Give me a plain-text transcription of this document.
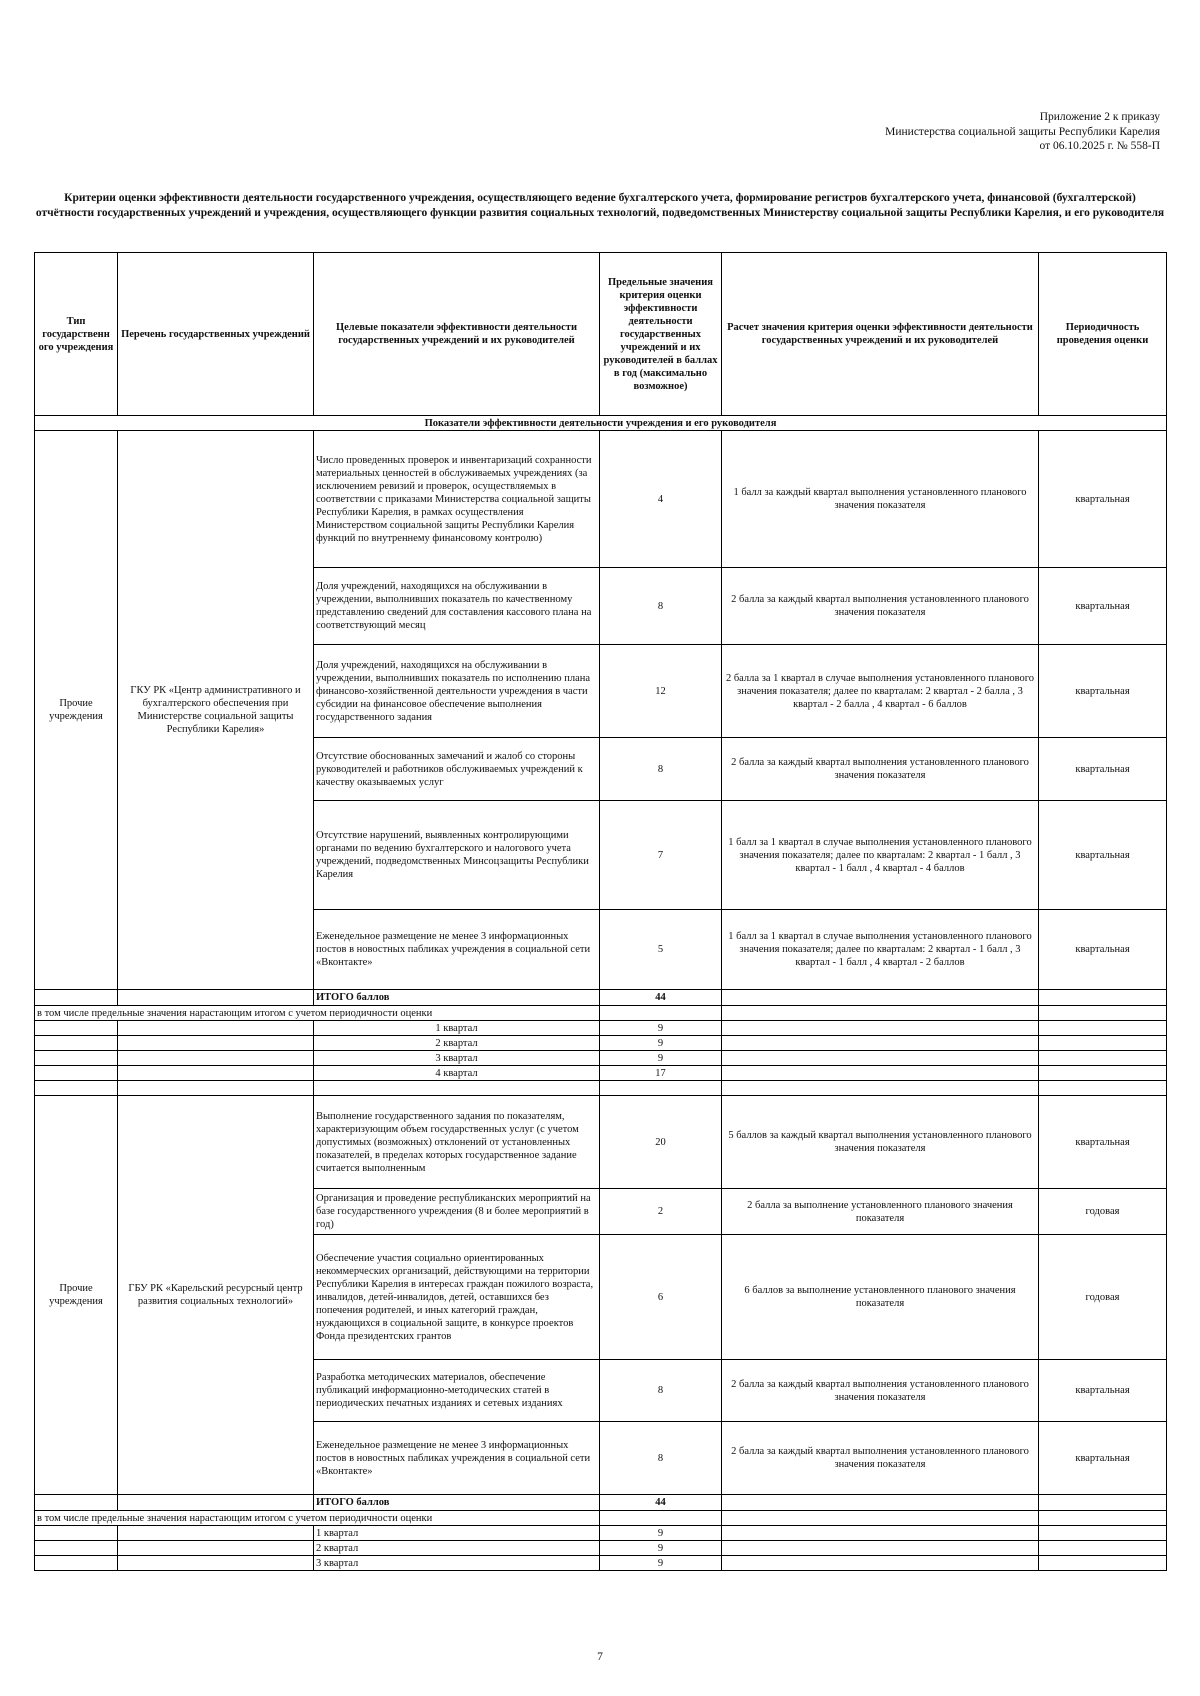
Приложение 2 к приказу
Министерства социальной защиты Республики Карелия
от 06.10.2025 г. № 558-П
Критерии оценки эффективности деятельности государственного учреждения, осуществляющего ведение бухгалтерского учета, формирование регистров бухгалтерского учета, финансовой (бухгалтерской) отчётности государственных учреждений и учреждения, осуществляющего функции развития социальных технологий, подведомственных Министерству социальной защиты Республики Карелия, и его руководителя
Тип государственн ого учреждения	Перечень государственных учреждений	Целевые показатели эффективности деятельности государственных учреждений и их руководителей	Предельные значения критерия оценки эффективности деятельности государственных учреждений и их руководителей в баллах в год (максимально возможное)	Расчет значения критерия оценки эффективности деятельности государственных учреждений и их руководителей	Периодичность проведения оценки
Показатели эффективности деятельности учреждения и его руководителя					
Прочие учреждения	ГКУ РК «Центр административного и бухгалтерского обеспечения при Министерстве социальной защиты Республики Карелия»	Число проведенных проверок и инвентаризаций сохранности материальных ценностей в обслуживаемых учреждениях (за исключением ревизий и проверок, осуществляемых в соответствии с приказами Министерства социальной защиты Республики Карелия, в рамках осуществления Министерством социальной защиты Республики Карелия функций по внутреннему финансовому контролю)	4	1 балл за каждый квартал выполнения установленного планового значения показателя	квартальная
		Доля учреждений, находящихся на обслуживании в учреждении, выполнивших показатель по качественному представлению сведений для составления кассового плана на соответствующий месяц	8	2 балла за каждый квартал выполнения установленного планового значения показателя	квартальная
		Доля учреждений, находящихся на обслуживании в учреждении, выполнивших показатель по исполнению плана финансово-хозяйственной деятельности учреждения в части субсидии на финансовое обеспечение выполнения государственного задания	12	2 балла за 1 квартал в случае выполнения установленного планового значения показателя; далее по кварталам: 2 квартал - 2 балла , 3 квартал - 2 балла , 4 квартал - 6 баллов	квартальная
		Отсутствие обоснованных замечаний и жалоб со стороны руководителей и работников обслуживаемых учреждений к качеству оказываемых услуг	8	2 балла за каждый квартал выполнения установленного планового значения показателя	квартальная
		Отсутствие нарушений, выявленных контролирующими органами по ведению бухгалтерского и налогового учета учреждений, подведомственных Минсоцзащиты Республики Карелия	7	1 балл за 1 квартал в случае выполнения установленного планового значения показателя; далее по кварталам: 2 квартал - 1 балл , 3 квартал - 1 балл , 4 квартал - 4 баллов	квартальная
		Еженедельное размещение не менее 3 информационных постов в новостных пабликах учреждения в социальной сети «Вконтакте»	5	1 балл за 1 квартал в случае выполнения установленного планового значения показателя; далее по кварталам: 2 квартал - 1 балл , 3 квартал - 1 балл , 4 квартал - 2 баллов	квартальная
		ИТОГО баллов	44		
в том числе предельные значения нарастающим итогом с учетом периодичности оценки					
		1 квартал	9		
		2 квартал	9		
		3 квартал	9		
		4 квартал	17		

Прочие учреждения	ГБУ РК «Карельский ресурсный центр развития социальных технологий»	Выполнение государственного задания по показателям, характеризующим объем государственных услуг (с учетом допустимых (возможных) отклонений от установленных показателей, в пределах которых государственное задание считается выполненным	20	5 баллов за каждый квартал выполнения установленного планового значения показателя	квартальная
		Организация и проведение республиканских мероприятий на базе государственного учреждения (8 и более мероприятий в год)	2	2 балла за выполнение установленного планового значения показателя	годовая
		Обеспечение участия социально ориентированных некоммерческих организаций, действующими на территории Республики Карелия в интересах граждан пожилого возраста, инвалидов, детей-инвалидов, детей, оставшихся без попечения родителей, и иных категорий граждан, нуждающихся в социальной защите, в конкурсе проектов Фонда президентских грантов	6	6 баллов за выполнение установленного планового значения показателя	годовая
		Разработка методических материалов, обеспечение публикаций информационно-методических статей в периодических печатных изданиях и сетевых изданиях	8	2 балла за каждый квартал выполнения установленного планового значения показателя	квартальная
		Еженедельное размещение не менее 3 информационных постов в новостных пабликах учреждения в социальной сети «Вконтакте»	8	2 балла за каждый квартал выполнения установленного планового значения показателя	квартальная
		ИТОГО баллов	44		
в том числе предельные значения нарастающим итогом с учетом периодичности оценки					
		1 квартал	9		
		2 квартал	9		
		3 квартал	9		
7
